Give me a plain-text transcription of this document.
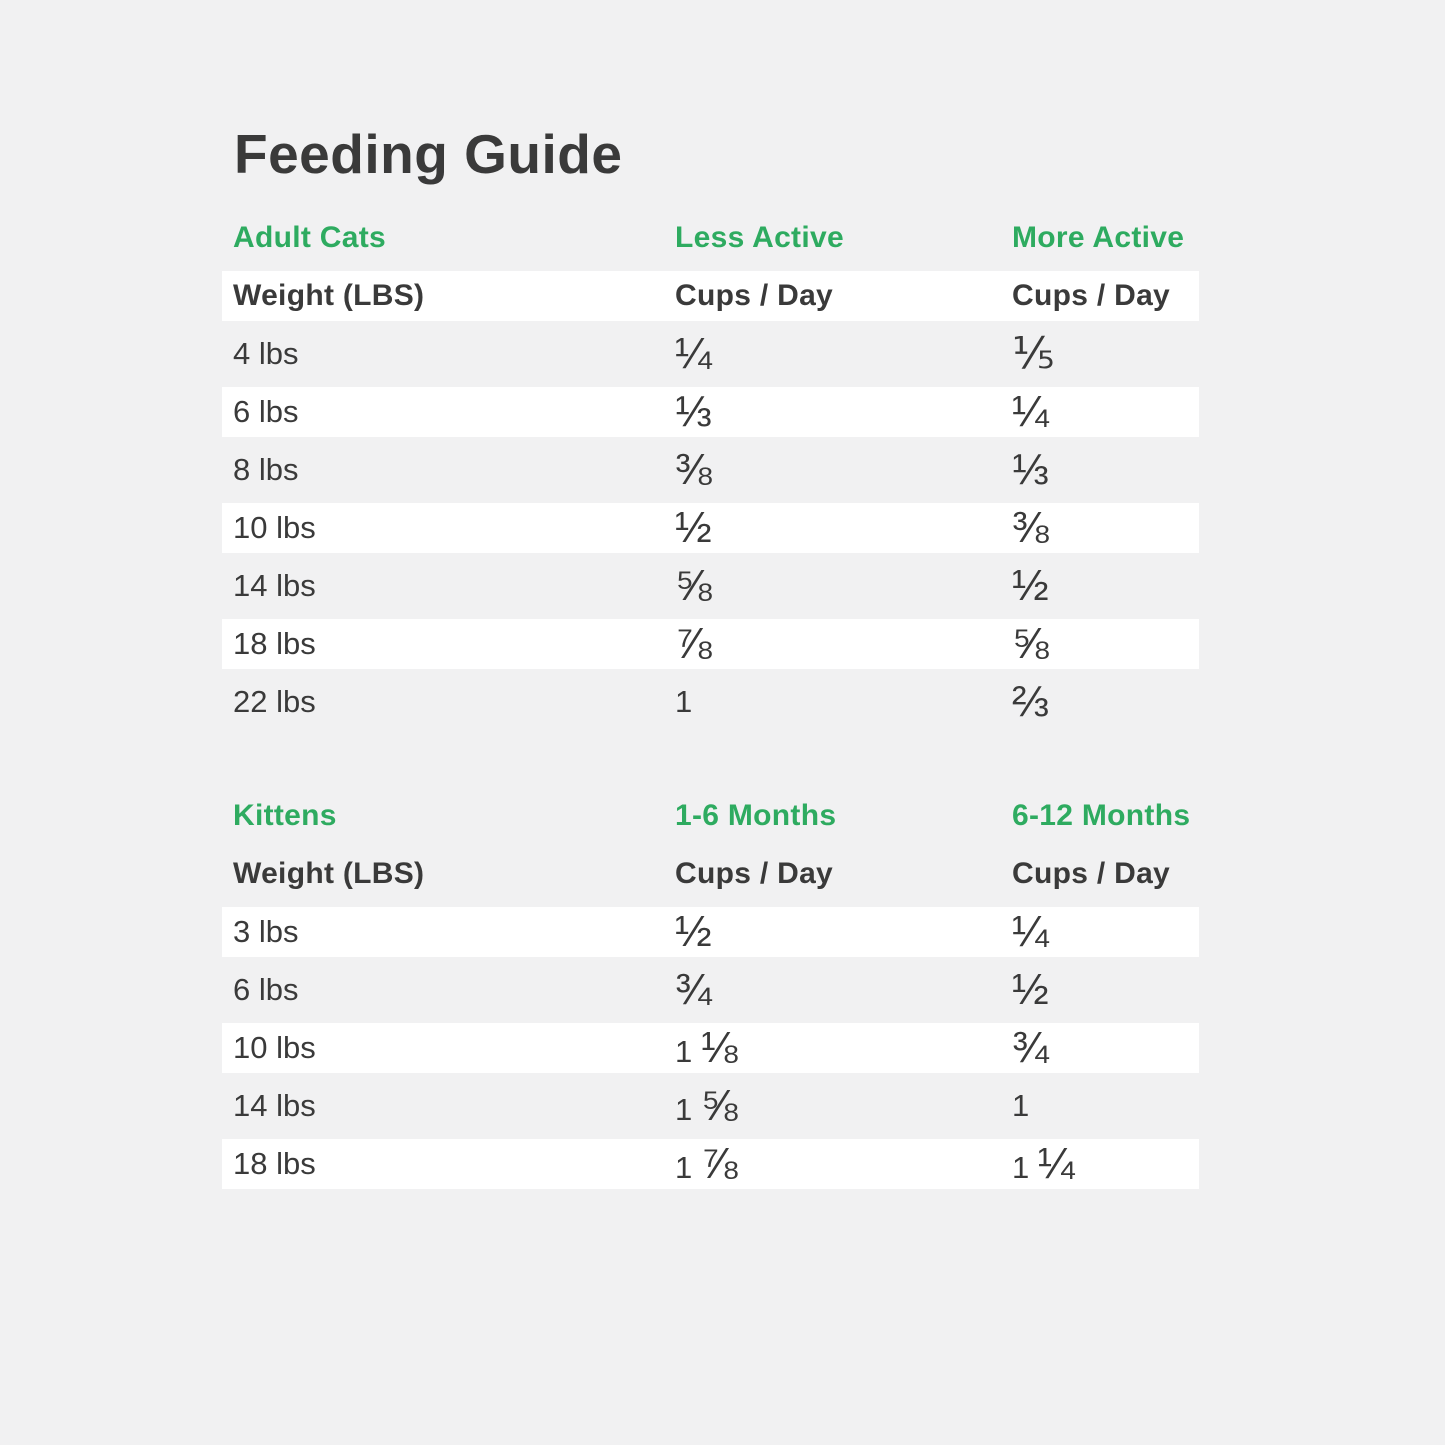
Feeding Guide
Adult Cats	Less Active	More Active
Weight (LBS)	Cups / Day	Cups / Day
4 lbs	¼	⅕
6 lbs	⅓	¼
8 lbs	⅜	⅓
10 lbs	½	⅜
14 lbs	⅝	½
18 lbs	⅞	⅝
22 lbs	1	⅔
Kittens	1-6 Months	6-12 Months
Weight (LBS)	Cups / Day	Cups / Day
3 lbs	½	¼
6 lbs	¾	½
10 lbs	1 ⅛	¾
14 lbs	1 ⅝	1
18 lbs	1 ⅞	1 ¼
